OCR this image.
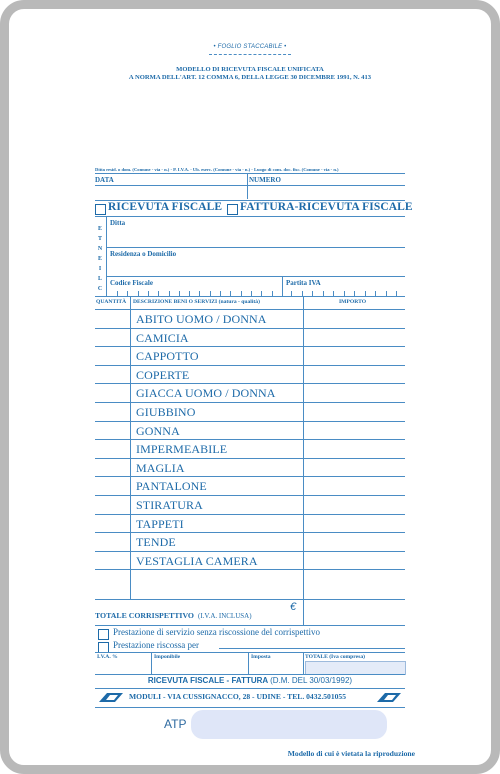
• FOGLIO STACCABILE •
MODELLO DI RICEVUTA FISCALE UNIFICATA
A NORMA DELL'ART. 12 COMMA 6, DELLA LEGGE 30 DICEMBRE 1991, N. 413
Ditta resid. o dom. (Comune - via - n.) - P. I.V.A. - Ub. eserc. (Comune - via - n.) - Luogo di cons. doc. fisc. (Comune - via - n.)
DATA	NUMERO
RICEVUTA FISCALE FATTURA-RICEVUTA FISCALE
E
T
N
E
I
L
C
Ditta
Residenza o Domicilio
Codice Fiscale	Partita IVA
QUANTITÀ DESCRIZIONE BENI O SERVIZI (natura - qualità)	IMPORTO
ABITO UOMO / DONNA
CAMICIA
CAPPOTTO
COPERTE
GIACCA UOMO / DONNA
GIUBBINO
GONNA
IMPERMEABILE
MAGLIA
PANTALONE
STIRATURA
TAPPETI
TENDE
VESTAGLIA CAMERA
TOTALE CORRISPETTIVO (I.V.A. INCLUSA)
€
Prestazione di servizio senza riscossione del corrispettivo
Prestazione riscossa per
I.V.A. %	Imponibile	Imposta	TOTALE (Iva compresa)
RICEVUTA FISCALE - FATTURA (D.M. DEL 30/03/1992)
MODULI - VIA CUSSIGNACCO, 28 - UDINE - TEL. 0432.501055
ATP
Modello di cui è vietata la riproduzione
